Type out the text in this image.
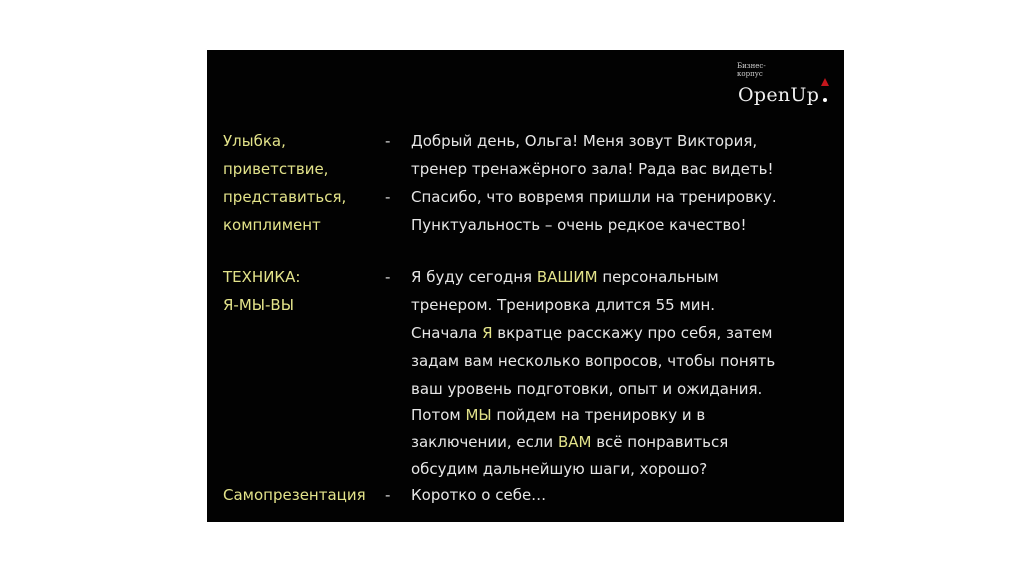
Бизнес-
корпус
OpenUp
Улыбка,
приветствие,
представиться,
комплимент
ТЕХНИКА:
Я-МЫ-ВЫ
Самопрезентация
-
-
-
-
Добрый день, Ольга! Меня зовут Виктория,
тренер тренажёрного зала! Рада вас видеть!
Спасибо, что вовремя пришли на тренировку.
Пунктуальность – очень редкое качество!
Я буду сегодня ВАШИМ персональным
тренером. Тренировка длится 55 мин.
Сначала Я вкратце расскажу про себя, затем
задам вам несколько вопросов, чтобы понять
ваш уровень подготовки, опыт и ожидания.
Потом МЫ пойдем на тренировку и в
заключении, если ВАМ всё понравиться
обсудим дальнейшую шаги, хорошо?
Коротко о себе…
